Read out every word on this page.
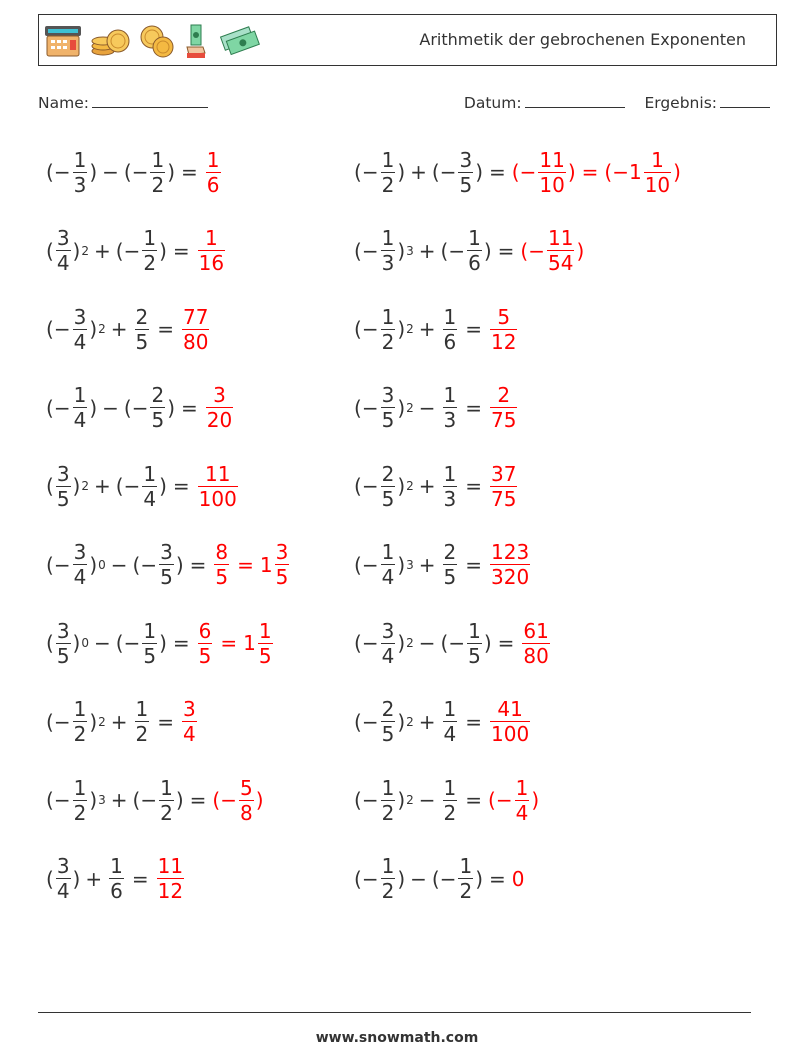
Arithmetik der gebrochenen Exponenten
Name:	Datum:	Ergebnis:
( − $\frac{1}{3}$ ) − ( − $\frac{1}{2}$ ) = $\frac{1}{6}$	( − $\frac{1}{2}$ ) + ( − $\frac{3}{5}$ ) = ( − $\frac{11}{10}$ ) = ( − $1 \frac{1}{10}$ )
( $\frac{3}{4}$ ) 2 + ( − $\frac{1}{2}$ ) = $\frac{1}{16}$	( − $\frac{1}{3}$ ) 3 + ( − $\frac{1}{6}$ ) = ( − $\frac{11}{54}$ )
( − $\frac{3}{4}$ ) $2 + \frac{2}{5} = \frac{77}{80}$	( − $\frac{1}{2}$ ) $2 + \frac{1}{6} = \frac{5}{12}$
( − $\frac{1}{4}$ ) − ( − $\frac{2}{5}$ ) = $\frac{3}{20}$	( − $\frac{3}{5}$ ) $2 - \frac{1}{3} = \frac{2}{75}$
( $\frac{3}{5}$ ) 2 + ( − $\frac{1}{4}$ ) = $\frac{11}{100}$	( − $\frac{2}{5}$ ) $2 + \frac{1}{3} = \frac{37}{75}$
( − $\frac{3}{4}$ ) 0 − ( − $\frac{3}{5}$ ) = $\frac{8}{5} = 1 \frac{3}{5}$	( − $\frac{1}{4}$ ) $3 + \frac{2}{5} = \frac{123}{320}$
( $\frac{3}{5}$ ) 0 − ( − $\frac{1}{5}$ ) = $\frac{6}{5} = 1 \frac{1}{5}$	( − $\frac{3}{4}$ ) 2 − ( − $\frac{1}{5}$ ) = $\frac{61}{80}$
( − $\frac{1}{2}$ ) $2 + \frac{1}{2} = \frac{3}{4}$	( − $\frac{2}{5}$ ) $2 + \frac{1}{4} = \frac{41}{100}$
( − $\frac{1}{2}$ ) 3 + ( − $\frac{1}{2}$ ) = ( − $\frac{5}{8}$ )	( − $\frac{1}{2}$ ) $2 - \frac{1}{2}$ = ( − $\frac{1}{4}$ )
( $\frac{3}{4}$ ) + $\frac{1}{6} = \frac{11}{12}$	( − $\frac{1}{2}$ ) − ( − $\frac{1}{2}$ ) = 0
www.snowmath.com
